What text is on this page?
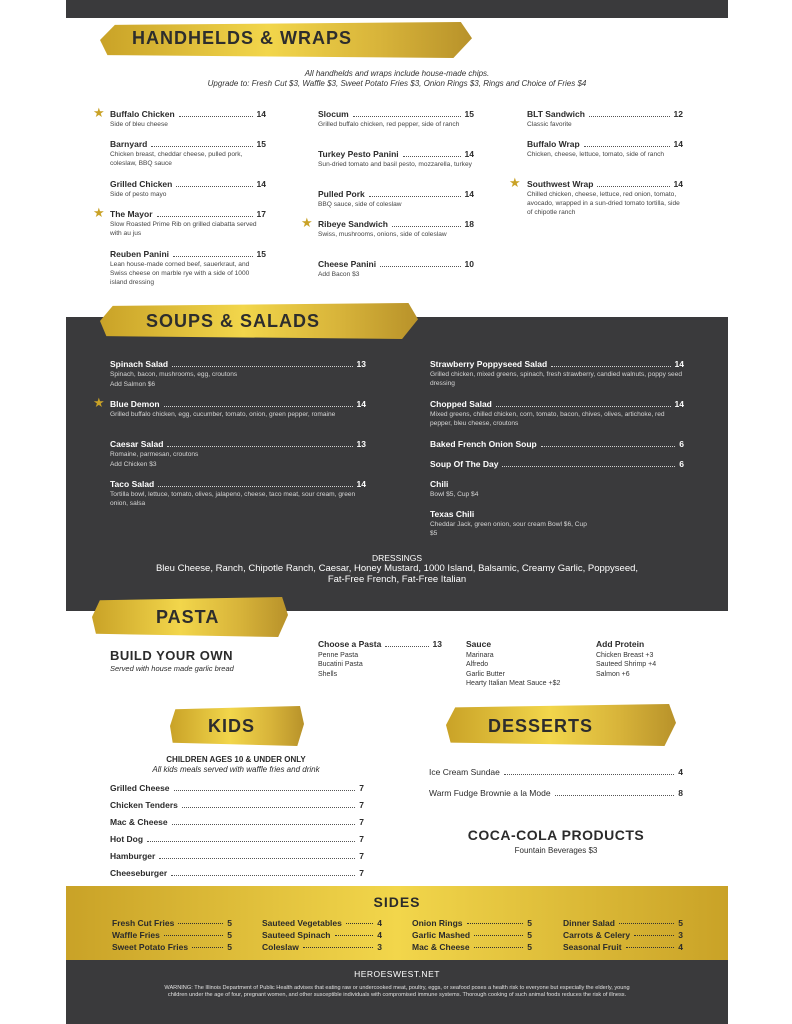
HANDHELDS & WRAPS
All handhelds and wraps include house-made chips.
Upgrade to: Fresh Cut $3, Waffle $3, Sweet Potato Fries $3, Onion Rings $3, Rings and Choice of Fries $4
★ Buffalo Chicken	14
Side of bleu cheese
Barnyard	15
Chicken breast, cheddar cheese, pulled pork, coleslaw, BBQ sauce
Grilled Chicken	14
Side of pesto mayo
★ The Mayor	17
Slow Roasted Prime Rib on grilled ciabatta served with au jus
Reuben Panini	15
Lean house-made corned beef, sauerkraut, and Swiss cheese on marble rye with a side of 1000 island dressing
Slocum	15
Grilled buffalo chicken, red pepper, side of ranch
Turkey Pesto Panini	14
Sun-dried tomato and basil pesto, mozzarella, turkey
Pulled Pork	14
BBQ sauce, side of coleslaw
★ Ribeye Sandwich	18
Swiss, mushrooms, onions, side of coleslaw
Cheese Panini	10
Add Bacon $3
BLT Sandwich	12
Classic favorite
Buffalo Wrap	14
Chicken, cheese, lettuce, tomato, side of ranch
★ Southwest Wrap	14
Chilled chicken, cheese, lettuce, red onion, tomato, avocado, wrapped in a sun-dried tomato tortilla, side of chipotle ranch
Spinach Salad	13
Spinach, bacon, mushrooms, egg, croutons
Add Salmon $6
★ Blue Demon	14
Grilled buffalo chicken, egg, cucumber, tomato, onion, green pepper, romaine
Caesar Salad	13
Romaine, parmesan, croutons
Add Chicken $3
Taco Salad	14
Tortilla bowl, lettuce, tomato, olives, jalapeno, cheese, taco meat, sour cream, green onion, salsa
Strawberry Poppyseed Salad	14
Grilled chicken, mixed greens, spinach, fresh strawberry, candied walnuts, poppy seed dressing
Chopped Salad	14
Mixed greens, chilled chicken, corn, tomato, bacon, chives, olives, artichoke, red pepper, bleu cheese, croutons
Baked French Onion Soup	6
Soup Of The Day	6
Chili
Bowl $5, Cup $4
Texas Chili
Cheddar Jack, green onion, sour cream Bowl $6, Cup $5
DRESSINGS
Bleu Cheese, Ranch, Chipotle Ranch, Caesar, Honey Mustard, 1000 Island, Balsamic, Creamy Garlic, Poppyseed,
Fat-Free French, Fat-Free Italian
SOUPS & SALADS
PASTA
BUILD YOUR OWN
Served with house made garlic bread
Choose a Pasta	13
Penne Pasta
Bucatini Pasta
Shells
Sauce
Marinara
Alfredo
Garlic Butter
Hearty Italian Meat Sauce +$2
Add Protein
Chicken Breast +3
Sauteed Shrimp +4
Salmon +6
KIDS
CHILDREN AGES 10 & UNDER ONLY
All kids meals served with waffle fries and drink
Grilled Cheese	7
Chicken Tenders	7
Mac & Cheese	7
Hot Dog	7
Hamburger	7
Cheeseburger	7
DESSERTS
Ice Cream Sundae	4
Warm Fudge Brownie a la Mode	8
COCA-COLA PRODUCTS
Fountain Beverages $3
SIDES
Fresh Cut Fries	5
Waffle Fries	5
Sweet Potato Fries	5
Sauteed Vegetables	4
Sauteed Spinach	4
Coleslaw	3
Onion Rings	5
Garlic Mashed	5
Mac & Cheese	5
Dinner Salad	5
Carrots & Celery	3
Seasonal Fruit	4
HEROESWEST.NET
WARNING: The Illinois Department of Public Health advises that eating raw or undercooked meat, poultry, eggs, or seafood poses a health risk to everyone but especially the elderly, young
children under the age of four, pregnant women, and other susceptible individuals with compromised immune systems. Thorough cooking of such animal foods reduces the risk of illness.
